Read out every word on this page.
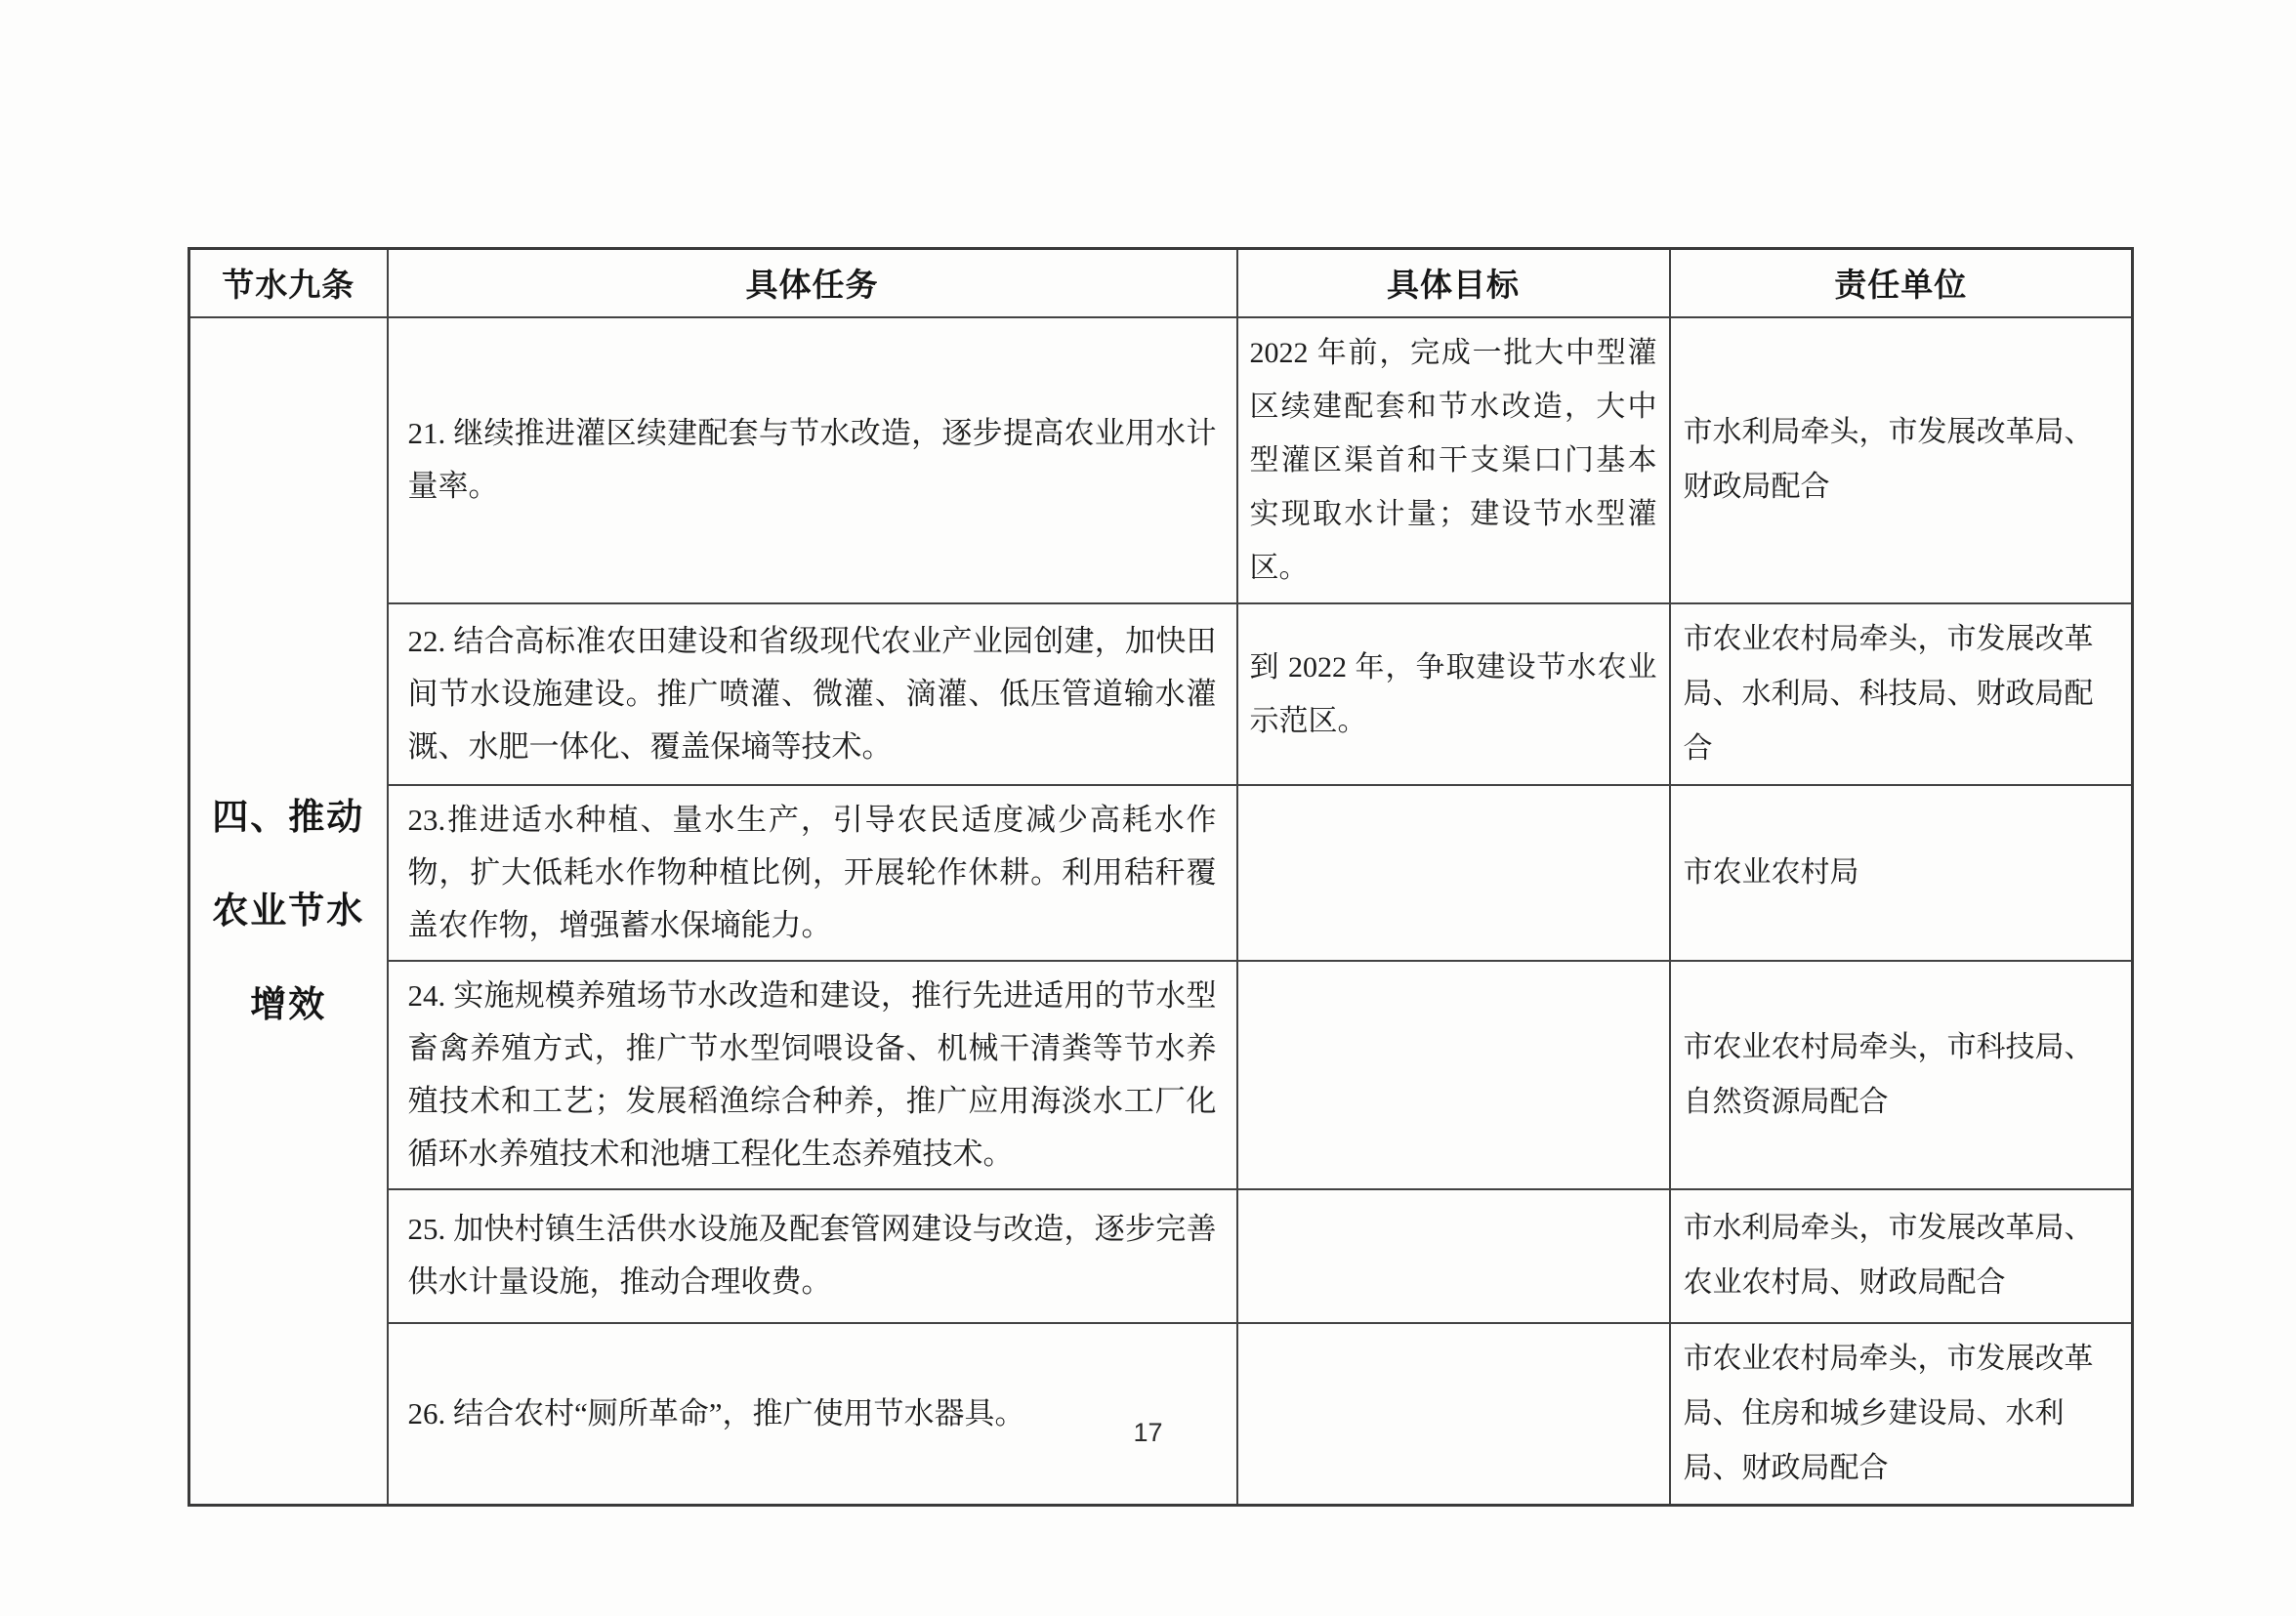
节水九条	具体任务	具体目标	责任单位
四、推动农业节水增效	21. 继续推进灌区续建配套与节水改造，逐步提高农业用水计量率。	2022 年前，完成一批大中型灌区续建配套和节水改造，大中型灌区渠首和干支渠口门基本实现取水计量；建设节水型灌区。	市水利局牵头，市发展改革局、财政局配合
	22. 结合高标准农田建设和省级现代农业产业园创建，加快田间节水设施建设。推广喷灌、微灌、滴灌、低压管道输水灌溉、水肥一体化、覆盖保墒等技术。	到 2022 年，争取建设节水农业示范区。	市农业农村局牵头，市发展改革局、水利局、科技局、财政局配合
	23.推进适水种植、量水生产，引导农民适度减少高耗水作物，扩大低耗水作物种植比例，开展轮作休耕。利用秸秆覆盖农作物，增强蓄水保墒能力。		市农业农村局
	24. 实施规模养殖场节水改造和建设，推行先进适用的节水型畜禽养殖方式，推广节水型饲喂设备、机械干清粪等节水养殖技术和工艺；发展稻渔综合种养，推广应用海淡水工厂化循环水养殖技术和池塘工程化生态养殖技术。		市农业农村局牵头，市科技局、自然资源局配合
	25. 加快村镇生活供水设施及配套管网建设与改造，逐步完善供水计量设施，推动合理收费。		市水利局牵头，市发展改革局、农业农村局、财政局配合
	26. 结合农村“厕所革命”，推广使用节水器具。		市农业农村局牵头，市发展改革局、住房和城乡建设局、水利局、财政局配合
17
